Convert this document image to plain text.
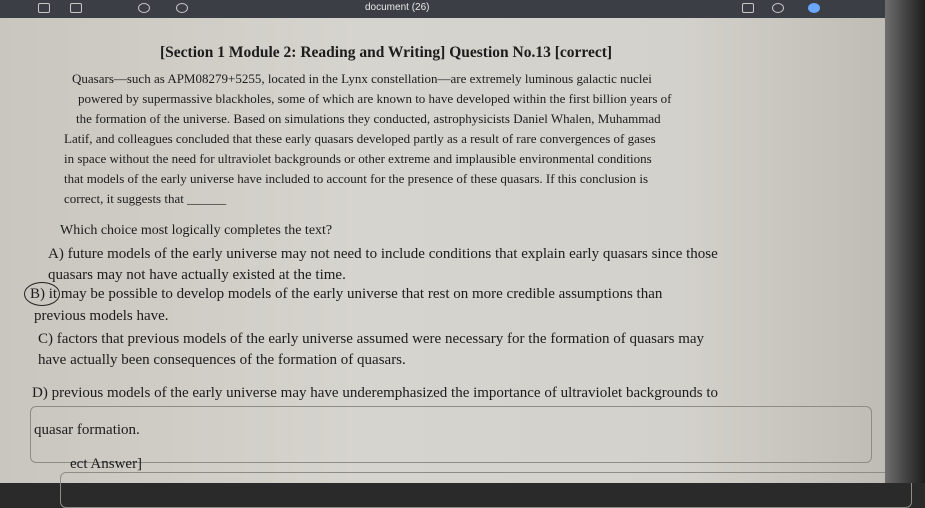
document (26)
[Section 1 Module 2: Reading and Writing] Question No.13 [correct]
Quasars—such as APM08279+5255, located in the Lynx constellation—are extremely luminous galactic nuclei
powered by supermassive blackholes, some of which are known to have developed within the first billion years of
the formation of the universe. Based on simulations they conducted, astrophysicists Daniel Whalen, Muhammad
Latif, and colleagues concluded that these early quasars developed partly as a result of rare convergences of gases
in space without the need for ultraviolet backgrounds or other extreme and implausible environmental conditions
that models of the early universe have included to account for the presence of these quasars. If this conclusion is
correct, it suggests that ______
Which choice most logically completes the text?
A) future models of the early universe may not need to include conditions that explain early quasars since those
quasars may not have actually existed at the time.
B) it may be possible to develop models of the early universe that rest on more credible assumptions than
previous models have.
C) factors that previous models of the early universe assumed were necessary for the formation of quasars may
have actually been consequences of the formation of quasars.
D) previous models of the early universe may have underemphasized the importance of ultraviolet backgrounds to
quasar formation.
ect Answer]
